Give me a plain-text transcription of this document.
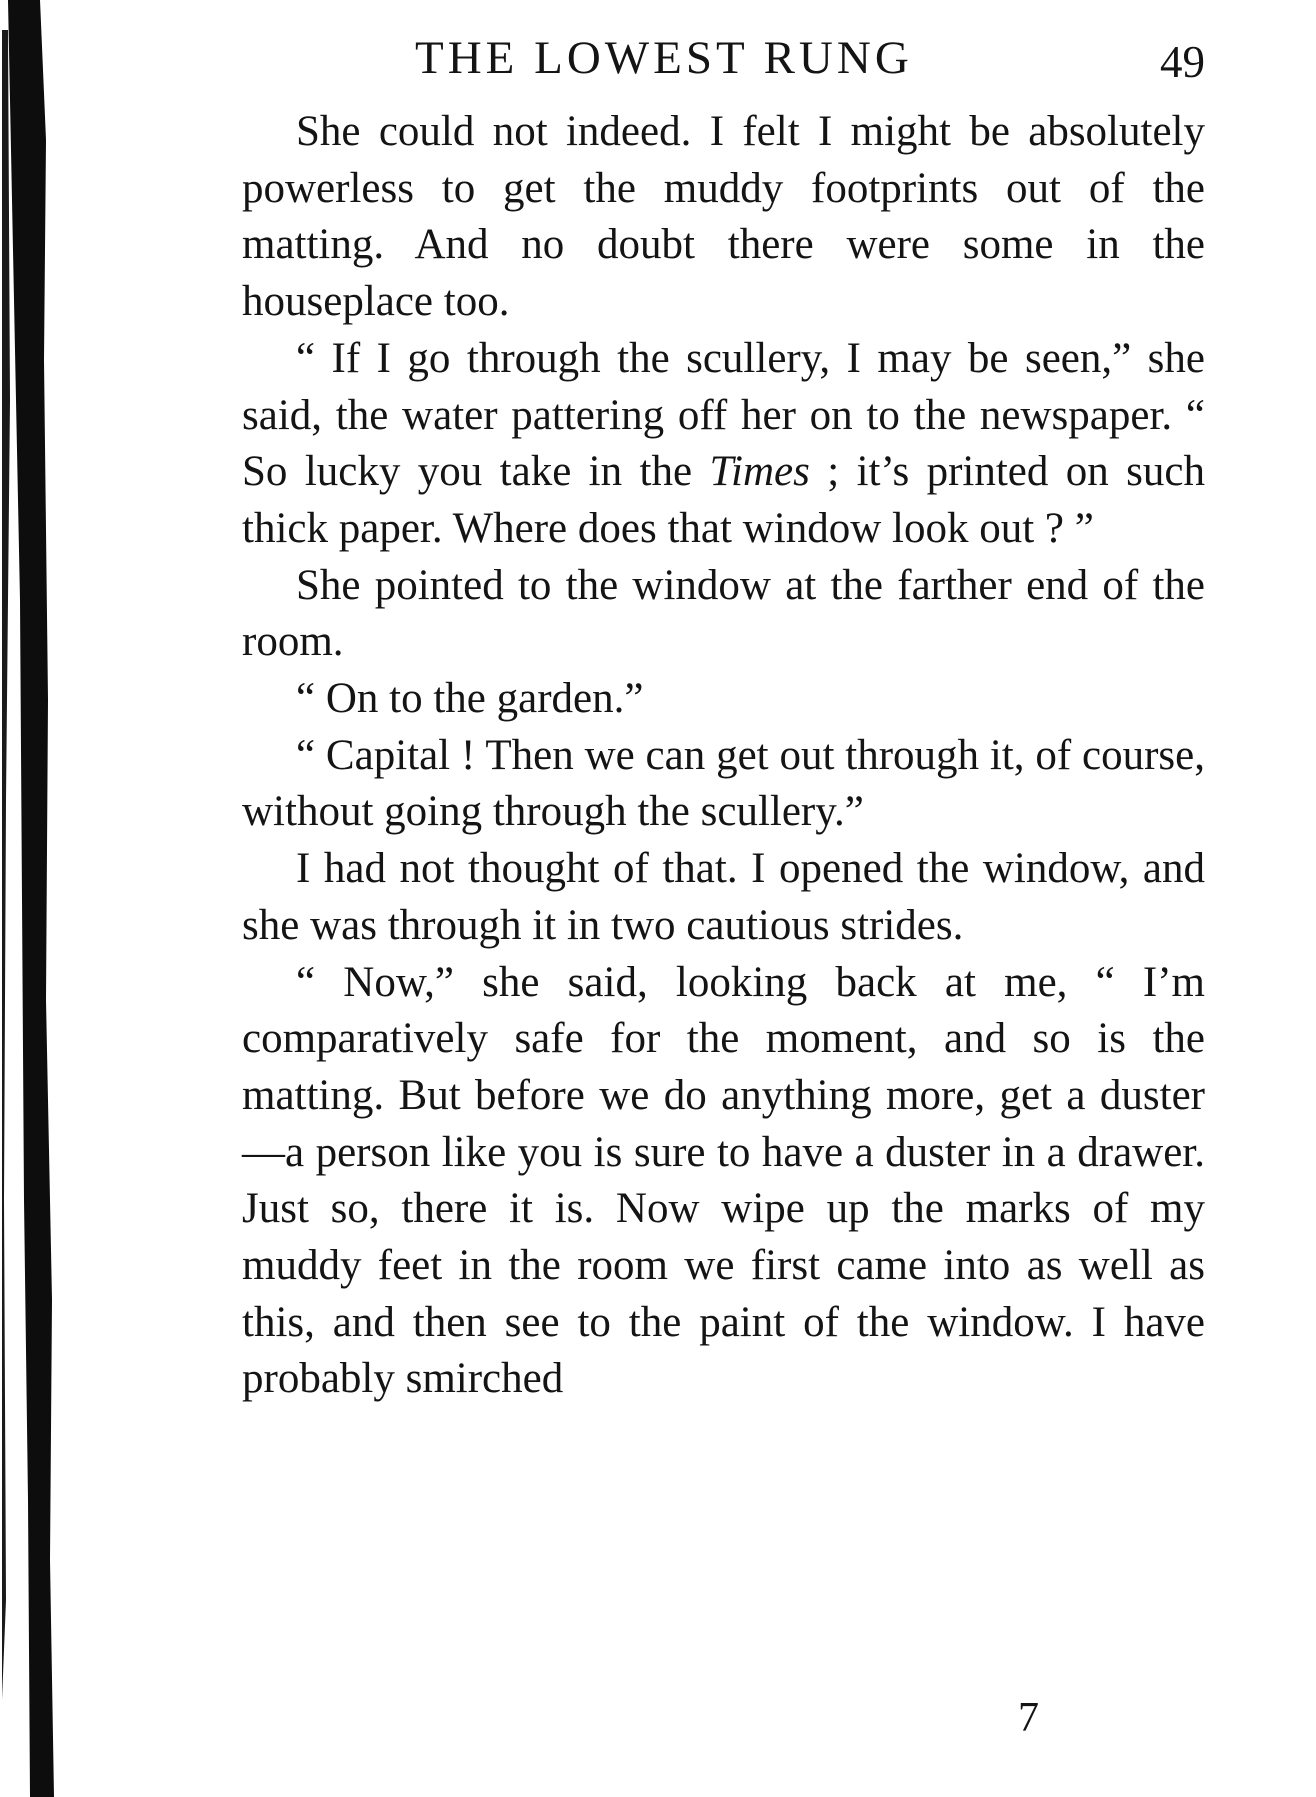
THE LOWEST RUNG	49

She could not indeed. I felt I might be absolutely powerless to get the muddy footprints out of the matting. And no doubt there were some in the houseplace too.

“ If I go through the scullery, I may be seen,” she said, the water pattering off her on to the newspaper. “ So lucky you take in the Times ; it’s printed on such thick paper. Where does that window look out ? ”

She pointed to the window at the farther end of the room.

“ On to the garden.”

“ Capital ! Then we can get out through it, of course, without going through the scullery.”

I had not thought of that. I opened the window, and she was through it in two cautious strides.

“ Now,” she said, looking back at me, “ I’m comparatively safe for the moment, and so is the matting. But before we do anything more, get a duster—a person like you is sure to have a duster in a drawer. Just so, there it is. Now wipe up the marks of my muddy feet in the room we first came into as well as this, and then see to the paint of the window. I have probably smirched

7
